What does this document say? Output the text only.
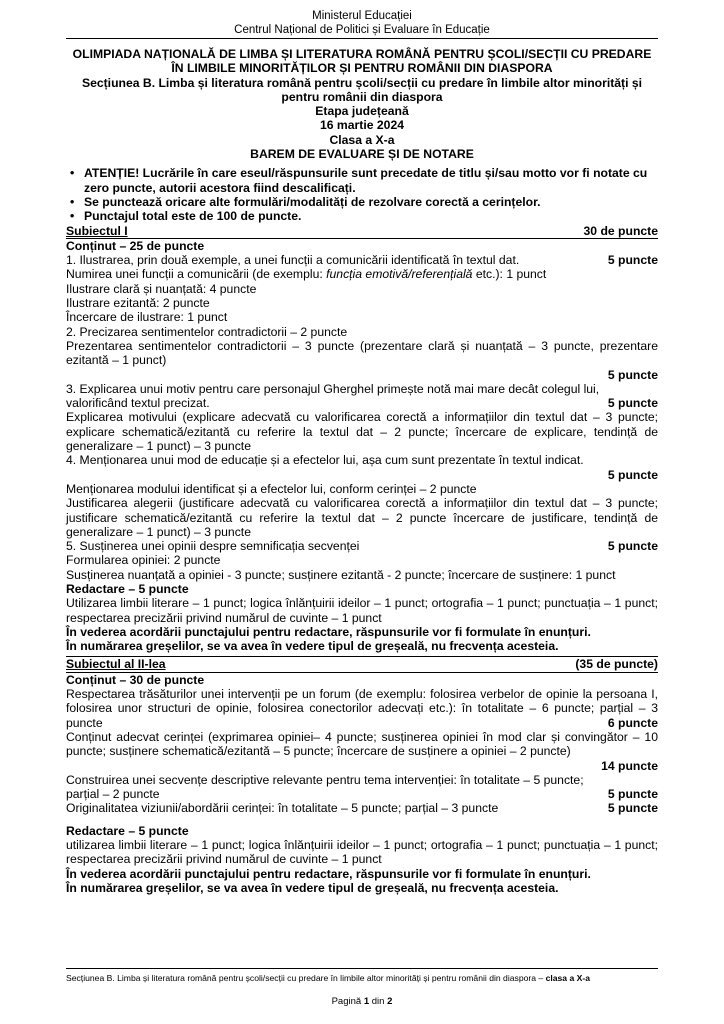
Ministerul Educației
Centrul Național de Politici și Evaluare în Educație
OLIMPIADA NAȚIONALĂ DE LIMBA ȘI LITERATURA ROMÂNĂ PENTRU ȘCOLI/SECȚII CU PREDARE ÎN LIMBILE MINORITĂȚILOR ȘI PENTRU ROMÂNII DIN DIASPORA
Secțiunea B. Limba și literatura română pentru școli/secții cu predare în limbile altor minorități și pentru românii din diaspora
Etapa județeană
16 martie 2024
Clasa a X-a
BAREM DE EVALUARE ȘI DE NOTARE
• ATENȚIE! Lucrările în care eseul/răspunsurile sunt precedate de titlu și/sau motto vor fi notate cu zero puncte, autorii acestora fiind descalificați.
• Se punctează oricare alte formulări/modalități de rezolvare corectă a cerințelor.
• Punctajul total este de 100 de puncte.
Subiectul I	30 de puncte
Conținut – 25 de puncte
1. Ilustrarea, prin două exemple, a unei funcții a comunicării identificată în textul dat.	5 puncte
Numirea unei funcții a comunicării (de exemplu: funcția emotivă/referențială etc.): 1 punct
Ilustrare clară și nuanțată: 4 puncte
Ilustrare ezitantă: 2 puncte
Încercare de ilustrare: 1 punct
2. Precizarea sentimentelor contradictorii – 2 puncte
Prezentarea sentimentelor contradictorii – 3 puncte (prezentare clară și nuanțată – 3 puncte, prezentare ezitantă – 1 punct)
5 puncte
3. Explicarea unui motiv pentru care personajul Gherghel primește notă mai mare decât colegul lui, valorificând textul precizat.	5 puncte
Explicarea motivului (explicare adecvată cu valorificarea corectă a informațiilor din textul dat – 3 puncte; explicare schematică/ezitantă cu referire la textul dat – 2 puncte; încercare de explicare, tendință de generalizare – 1 punct) – 3 puncte
4. Menționarea unui mod de educație și a efectelor lui, așa cum sunt prezentate în textul indicat.
5 puncte
Menționarea modului identificat și a efectelor lui, conform cerinței – 2 puncte
Justificarea alegerii (justificare adecvată cu valorificarea corectă a informațiilor din textul dat – 3 puncte; justificare schematică/ezitantă cu referire la textul dat – 2 puncte încercare de justificare, tendință de generalizare – 1 punct) – 3 puncte
5. Susținerea unei opinii despre semnificația secvenței	5 puncte
Formularea opiniei: 2 puncte
Susținerea nuanțată a opiniei - 3 puncte; susținere ezitantă - 2 puncte; încercare de susținere: 1 punct
Redactare – 5 puncte
Utilizarea limbii literare – 1 punct; logica înlănțuirii ideilor – 1 punct; ortografia – 1 punct; punctuația – 1 punct; respectarea precizării privind numărul de cuvinte – 1 punct
În vederea acordării punctajului pentru redactare, răspunsurile vor fi formulate în enunțuri.
În numărarea greșelilor, se va avea în vedere tipul de greșeală, nu frecvența acesteia.
Subiectul al II-lea	(35 de puncte)
Conținut – 30 de puncte
Respectarea trăsăturilor unei intervenții pe un forum (de exemplu: folosirea verbelor de opinie la persoana I, folosirea unor structuri de opinie, folosirea conectorilor adecvați etc.): în totalitate – 6 puncte; parțial – 3 puncte	6 puncte
Conținut adecvat cerinței (exprimarea opiniei– 4 puncte; susținerea opiniei în mod clar și convingător – 10 puncte; susținere schematică/ezitantă – 5 puncte; încercare de susținere a opiniei – 2 puncte)
14 puncte
Construirea unei secvențe descriptive relevante pentru tema intervenției: în totalitate – 5 puncte;
parțial – 2 puncte	5 puncte
Originalitatea viziunii/abordării cerinței: în totalitate – 5 puncte; parțial – 3 puncte	5 puncte
Redactare – 5 puncte
utilizarea limbii literare – 1 punct; logica înlănțuirii ideilor – 1 punct; ortografia – 1 punct; punctuația – 1 punct; respectarea precizării privind numărul de cuvinte – 1 punct
În vederea acordării punctajului pentru redactare, răspunsurile vor fi formulate în enunțuri.
În numărarea greșelilor, se va avea în vedere tipul de greșeală, nu frecvența acesteia.
Secțiunea B. Limba și literatura română pentru școli/secții cu predare în limbile altor minorități și pentru românii din diaspora – clasa a X-a
Pagină 1 din 2
